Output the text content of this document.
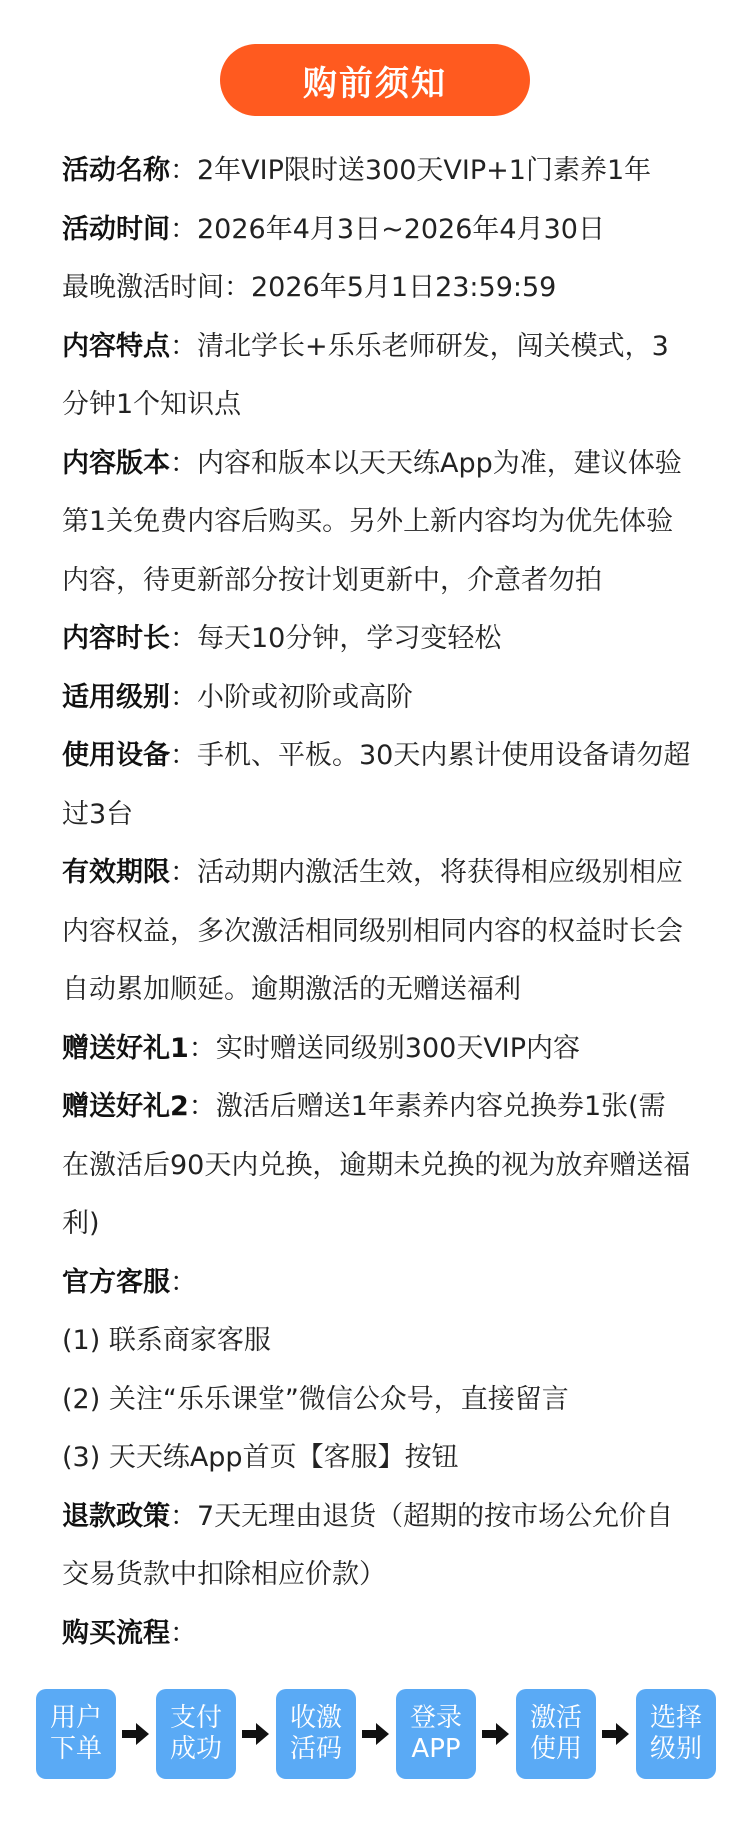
购前须知

活动名称：2年VIP限时送300天VIP+1门素养1年

活动时间：2026年4月3日~2026年4月30日

最晚激活时间：2026年5月1日23:59:59

内容特点：清北学长+乐乐老师研发，闯关模式，3分钟1个知识点

内容版本：内容和版本以天天练App为准，建议体验第1关免费内容后购买。另外上新内容均为优先体验内容，待更新部分按计划更新中，介意者勿拍

内容时长：每天10分钟，学习变轻松

适用级别：小阶或初阶或高阶

使用设备：手机、平板。30天内累计使用设备请勿超过3台

有效期限：活动期内激活生效，将获得相应级别相应内容权益，多次激活相同级别相同内容的权益时长会自动累加顺延。逾期激活的无赠送福利

赠送好礼1：实时赠送同级别300天VIP内容

赠送好礼2：激活后赠送1年素养内容兑换券1张(需在激活后90天内兑换，逾期未兑换的视为放弃赠送福利)

官方客服：

(1) 联系商家客服

(2) 关注“乐乐课堂”微信公众号，直接留言

(3) 天天练App首页【客服】按钮

退款政策：7天无理由退货（超期的按市场公允价自交易货款中扣除相应价款）

购买流程：

用户
下单
支付
成功
收激
活码
登录
APP
激活
使用
选择
级别
